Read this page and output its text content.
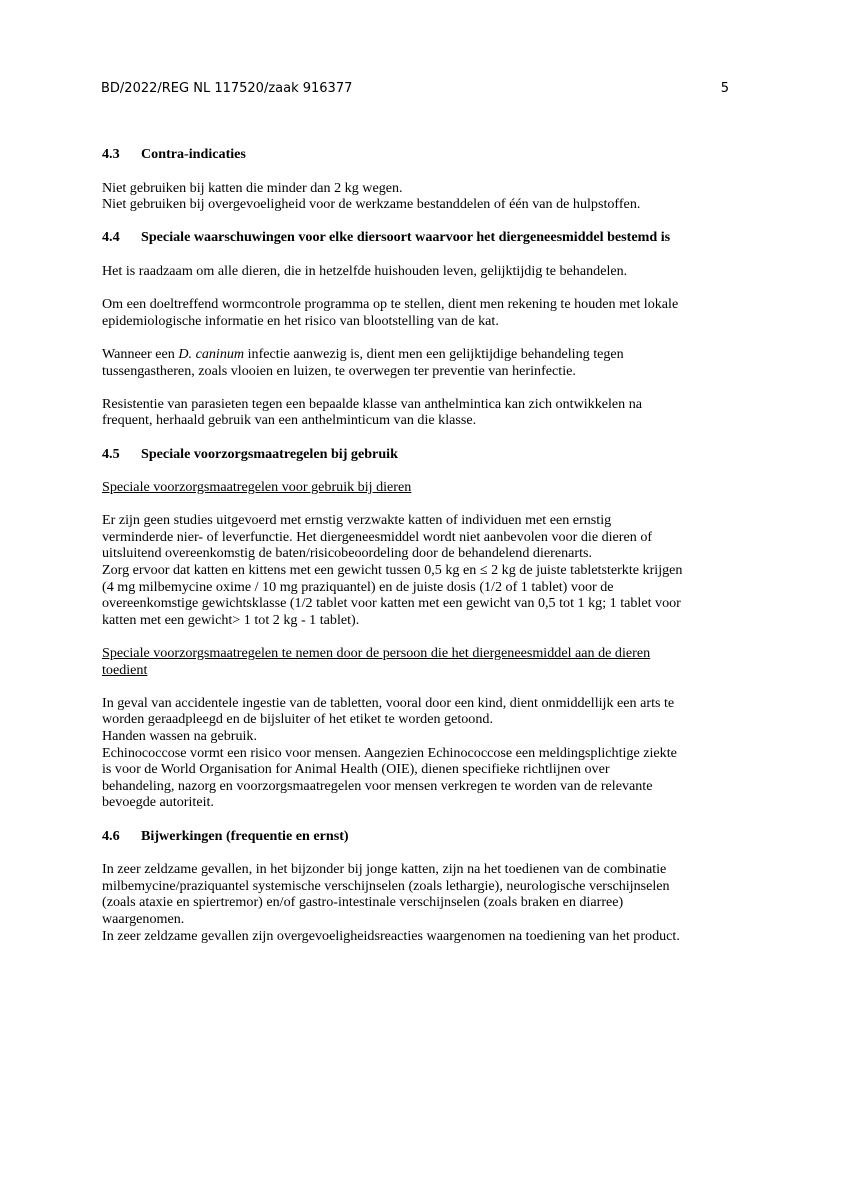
BD/2022/REG NL 117520/zaak 916377	5
4.3 Contra-indicaties

Niet gebruiken bij katten die minder dan 2 kg wegen.
Niet gebruiken bij overgevoeligheid voor de werkzame bestanddelen of één van de hulpstoffen.

4.4 Speciale waarschuwingen voor elke diersoort waarvoor het diergeneesmiddel bestemd is

Het is raadzaam om alle dieren, die in hetzelfde huishouden leven, gelijktijdig te behandelen.

Om een doeltreffend wormcontrole programma op te stellen, dient men rekening te houden met lokale
epidemiologische informatie en het risico van blootstelling van de kat.

Wanneer een D. caninum infectie aanwezig is, dient men een gelijktijdige behandeling tegen
tussengastheren, zoals vlooien en luizen, te overwegen ter preventie van herinfectie.

Resistentie van parasieten tegen een bepaalde klasse van anthelmintica kan zich ontwikkelen na
frequent, herhaald gebruik van een anthelminticum van die klasse.

4.5 Speciale voorzorgsmaatregelen bij gebruik
Speciale voorzorgsmaatregelen voor gebruik bij dieren

Er zijn geen studies uitgevoerd met ernstig verzwakte katten of individuen met een ernstig
verminderde nier- of leverfunctie. Het diergeneesmiddel wordt niet aanbevolen voor die dieren of
uitsluitend overeenkomstig de baten/risicobeoordeling door de behandelend dierenarts.
Zorg ervoor dat katten en kittens met een gewicht tussen 0,5 kg en ≤ 2 kg de juiste tabletsterkte krijgen
(4 mg milbemycine oxime / 10 mg praziquantel) en de juiste dosis (1/2 of 1 tablet) voor de
overeenkomstige gewichtsklasse (1/2 tablet voor katten met een gewicht van 0,5 tot 1 kg; 1 tablet voor
katten met een gewicht> 1 tot 2 kg - 1 tablet).

Speciale voorzorgsmaatregelen te nemen door de persoon die het diergeneesmiddel aan de dieren
toedient

In geval van accidentele ingestie van de tabletten, vooral door een kind, dient onmiddellijk een arts te
worden geraadpleegd en de bijsluiter of het etiket te worden getoond.
Handen wassen na gebruik.
Echinococcose vormt een risico voor mensen. Aangezien Echinococcose een meldingsplichtige ziekte
is voor de World Organisation for Animal Health (OIE), dienen specifieke richtlijnen over
behandeling, nazorg en voorzorgsmaatregelen voor mensen verkregen te worden van de relevante
bevoegde autoriteit.

4.6 Bijwerkingen (frequentie en ernst)

In zeer zeldzame gevallen, in het bijzonder bij jonge katten, zijn na het toedienen van de combinatie
milbemycine/praziquantel systemische verschijnselen (zoals lethargie), neurologische verschijnselen
(zoals ataxie en spiertremor) en/of gastro-intestinale verschijnselen (zoals braken en diarree)
waargenomen.
In zeer zeldzame gevallen zijn overgevoeligheidsreacties waargenomen na toediening van het product.
